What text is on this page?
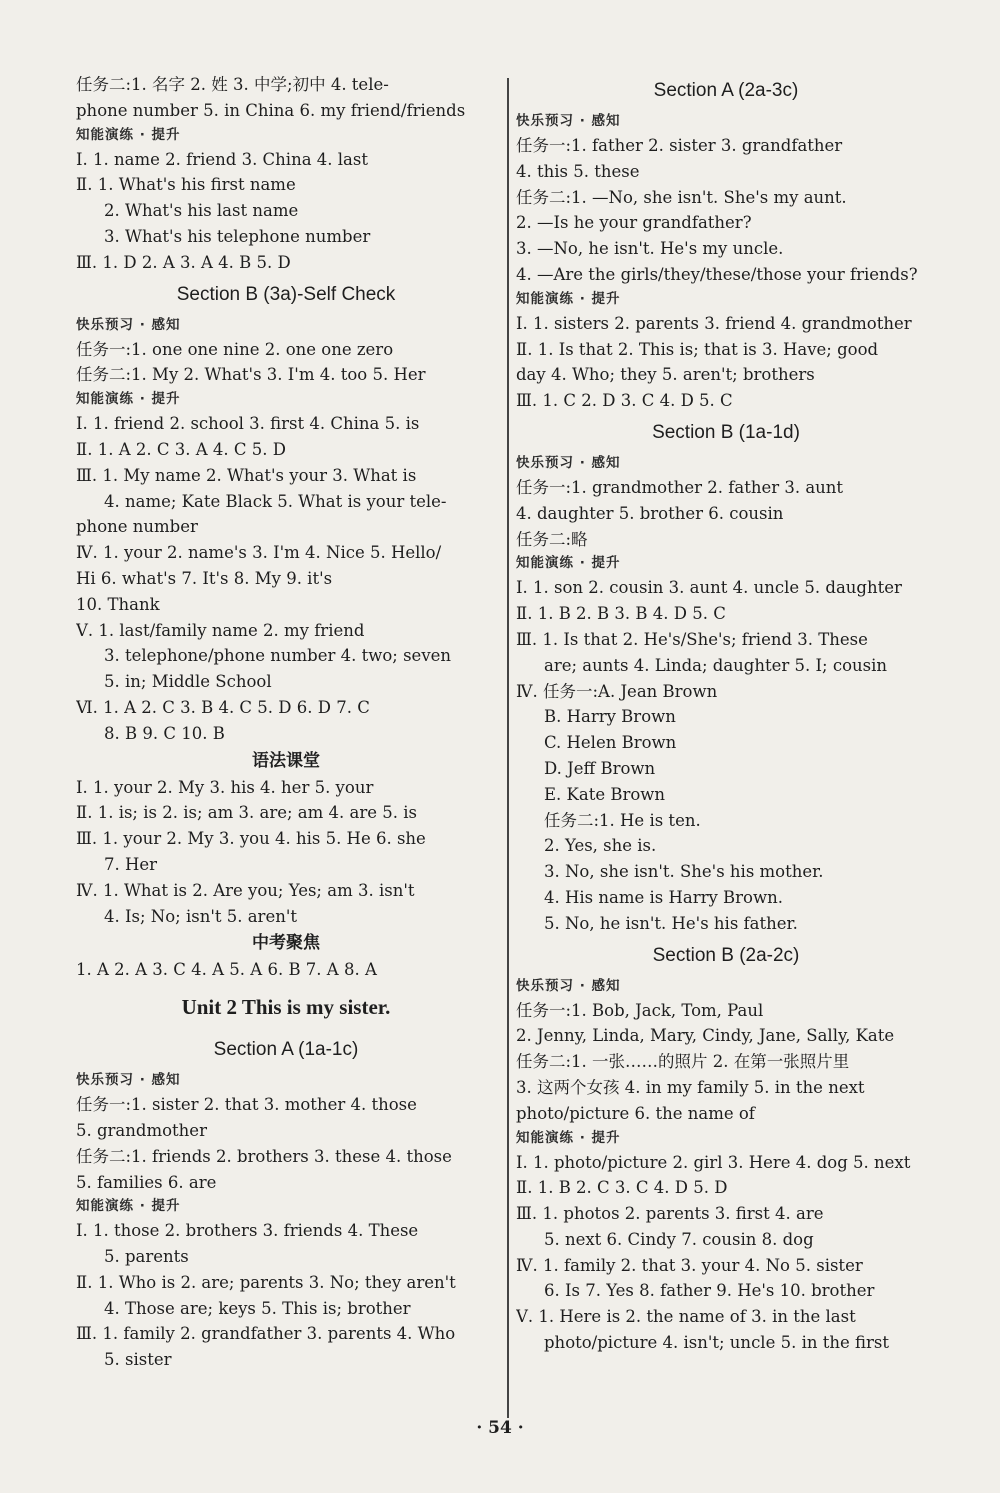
任务二:1. 名字 2. 姓 3. 中学;初中 4. tele-
phone number 5. in China 6. my friend/friends
知能演练 · 提升
Ⅰ. 1. name 2. friend 3. China 4. last
Ⅱ. 1. What's his first name
2. What's his last name
3. What's his telephone number
Ⅲ. 1. D 2. A 3. A 4. B 5. D
Section B (3a)-Self Check
快乐预习 · 感知
任务一:1. one one nine 2. one one zero
任务二:1. My 2. What's 3. I'm 4. too 5. Her
知能演练 · 提升
Ⅰ. 1. friend 2. school 3. first 4. China 5. is
Ⅱ. 1. A 2. C 3. A 4. C 5. D
Ⅲ. 1. My name 2. What's your 3. What is
4. name; Kate Black 5. What is your tele-
phone number
Ⅳ. 1. your 2. name's 3. I'm 4. Nice 5. Hello/
Hi 6. what's 7. It's 8. My 9. it's
10. Thank
Ⅴ. 1. last/family name 2. my friend
3. telephone/phone number 4. two; seven
5. in; Middle School
Ⅵ. 1. A 2. C 3. B 4. C 5. D 6. D 7. C
8. B 9. C 10. B
语法课堂
Ⅰ. 1. your 2. My 3. his 4. her 5. your
Ⅱ. 1. is; is 2. is; am 3. are; am 4. are 5. is
Ⅲ. 1. your 2. My 3. you 4. his 5. He 6. she
7. Her
Ⅳ. 1. What is 2. Are you; Yes; am 3. isn't
4. Is; No; isn't 5. aren't
中考聚焦
1. A 2. A 3. C 4. A 5. A 6. B 7. A 8. A
Unit 2 This is my sister.
Section A (1a-1c)
快乐预习 · 感知
任务一:1. sister 2. that 3. mother 4. those
5. grandmother
任务二:1. friends 2. brothers 3. these 4. those
5. families 6. are
知能演练 · 提升
Ⅰ. 1. those 2. brothers 3. friends 4. These
5. parents
Ⅱ. 1. Who is 2. are; parents 3. No; they aren't
4. Those are; keys 5. This is; brother
Ⅲ. 1. family 2. grandfather 3. parents 4. Who
5. sister
Section A (2a-3c)
快乐预习 · 感知
任务一:1. father 2. sister 3. grandfather
4. this 5. these
任务二:1. —No, she isn't. She's my aunt.
2. —Is he your grandfather?
3. —No, he isn't. He's my uncle.
4. —Are the girls/they/these/those your friends?
知能演练 · 提升
Ⅰ. 1. sisters 2. parents 3. friend 4. grandmother
Ⅱ. 1. Is that 2. This is; that is 3. Have; good
day 4. Who; they 5. aren't; brothers
Ⅲ. 1. C 2. D 3. C 4. D 5. C
Section B (1a-1d)
快乐预习 · 感知
任务一:1. grandmother 2. father 3. aunt
4. daughter 5. brother 6. cousin
任务二:略
知能演练 · 提升
Ⅰ. 1. son 2. cousin 3. aunt 4. uncle 5. daughter
Ⅱ. 1. B 2. B 3. B 4. D 5. C
Ⅲ. 1. Is that 2. He's/She's; friend 3. These
are; aunts 4. Linda; daughter 5. I; cousin
Ⅳ. 任务一:A. Jean Brown
B. Harry Brown
C. Helen Brown
D. Jeff Brown
E. Kate Brown
任务二:1. He is ten.
2. Yes, she is.
3. No, she isn't. She's his mother.
4. His name is Harry Brown.
5. No, he isn't. He's his father.
Section B (2a-2c)
快乐预习 · 感知
任务一:1. Bob, Jack, Tom, Paul
2. Jenny, Linda, Mary, Cindy, Jane, Sally, Kate
任务二:1. 一张……的照片 2. 在第一张照片里
3. 这两个女孩 4. in my family 5. in the next
photo/picture 6. the name of
知能演练 · 提升
Ⅰ. 1. photo/picture 2. girl 3. Here 4. dog 5. next
Ⅱ. 1. B 2. C 3. C 4. D 5. D
Ⅲ. 1. photos 2. parents 3. first 4. are
5. next 6. Cindy 7. cousin 8. dog
Ⅳ. 1. family 2. that 3. your 4. No 5. sister
6. Is 7. Yes 8. father 9. He's 10. brother
Ⅴ. 1. Here is 2. the name of 3. in the last
photo/picture 4. isn't; uncle 5. in the first
· 54 ·
